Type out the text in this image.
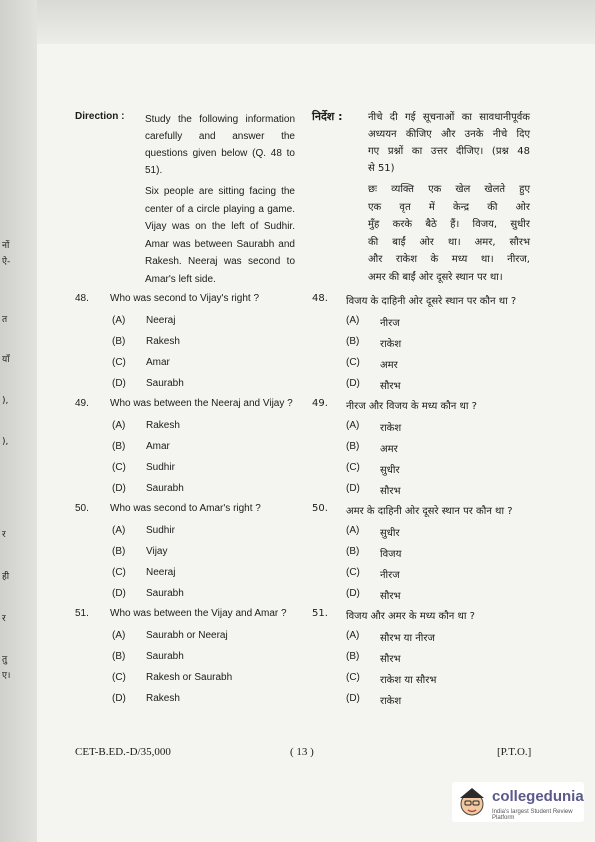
नों
ऐ-
त
याँ
),
),
र
ही
र
तु
ए।
Direction : Study the following information
carefully and answer the
questions given below (Q. 48 to
51).
Six people are sitting facing the
center of a circle playing a game.
Vijay was on the left of Sudhir.
Amar was between Saurabh and
Rakesh. Neeraj was second to
Amar's left side.
निर्देश :	नीचे दी गई सूचनाओं का सावधानीपूर्वक
अध्ययन कीजिए और उनके नीचे दिए
गए प्रश्नों का उत्तर दीजिए। (प्रश्न 48
से 51)
छः व्यक्ति एक खेल खेलते हुए
एक वृत में केन्द्र की ओर
मुँह करके बैठे हैं। विजय, सुधीर
की बाईं ओर था। अमर, सौरभ
और राकेश के मध्य था। नीरज,
अमर की बाईं ओर दूसरे स्थान पर था।
48. Who was second to Vijay's right ?	48. विजय के दाहिनी ओर दूसरे स्थान पर कौन था ?
(A) Neeraj
(B) Rakesh
(C) Amar
(D) Saurabh
(A) नीरज
(B) राकेश
(C) अमर
(D) सौरभ
49. Who was between the Neeraj and Vijay ? 49. नीरज और विजय के मध्य कौन था ?
(A) Rakesh
(B) Amar
(C) Sudhir
(D) Saurabh
(A) राकेश
(B) अमर
(C) सुधीर
(D) सौरभ
50. Who was second to Amar's right ?	50. अमर के दाहिनी ओर दूसरे स्थान पर कौन था ?
(A) Sudhir
(B) Vijay
(C) Neeraj
(D) Saurabh
(A) सुधीर
(B) विजय
(C) नीरज
(D) सौरभ
51. Who was between the Vijay and Amar ?	51. विजय और अमर के मध्य कौन था ?
(A) Saurabh or Neeraj
(B) Saurabh
(C) Rakesh or Saurabh
(D) Rakesh
(A) सौरभ या नीरज
(B) सौरभ
(C) राकेश या सौरभ
(D) राकेश
CET-B.ED.-D/35,000	( 13 )	[P.T.O.]
collegedunia
India's largest Student Review Platform
